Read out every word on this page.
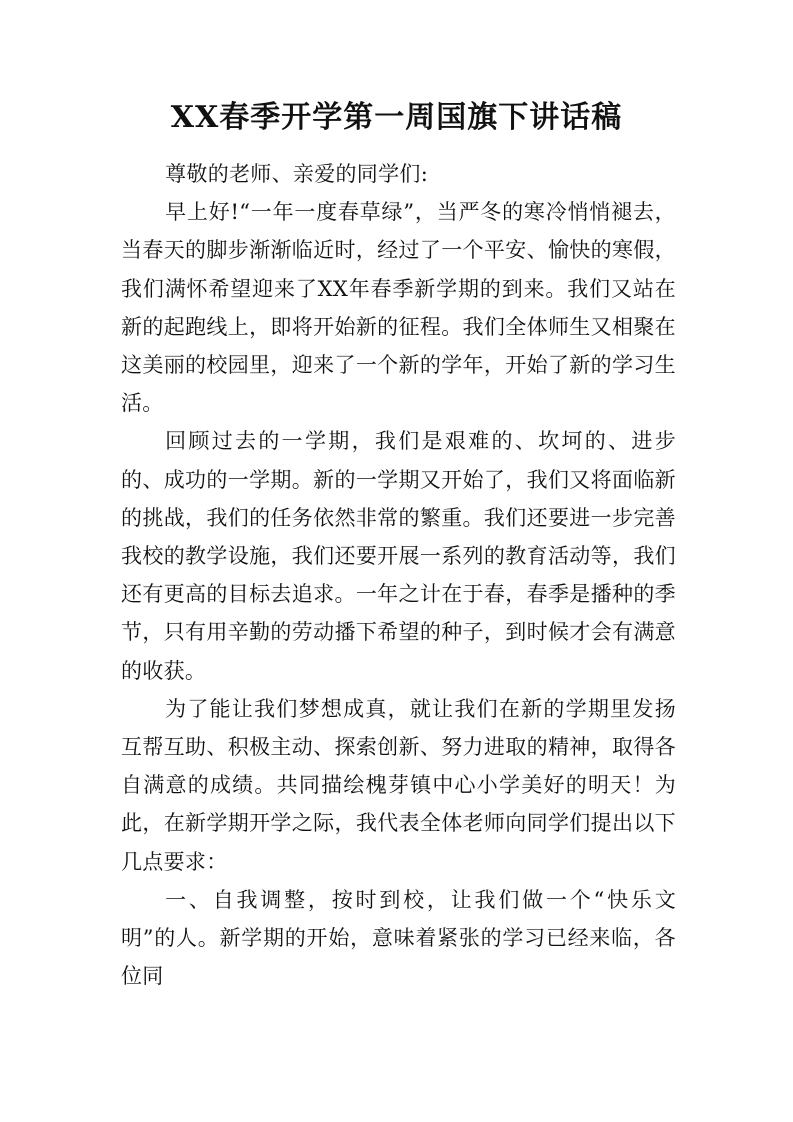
XX春季开学第一周国旗下讲话稿

尊敬的老师、亲爱的同学们:

早上好!“一年一度春草绿”，当严冬的寒冷悄悄褪去，当春天的脚步渐渐临近时，经过了一个平安、愉快的寒假，我们满怀希望迎来了XX年春季新学期的到来。我们又站在新的起跑线上，即将开始新的征程。我们全体师生又相聚在这美丽的校园里，迎来了一个新的学年，开始了新的学习生活。

回顾过去的一学期，我们是艰难的、坎坷的、进步的、成功的一学期。新的一学期又开始了，我们又将面临新的挑战，我们的任务依然非常的繁重。我们还要进一步完善我校的教学设施，我们还要开展一系列的教育活动等，我们还有更高的目标去追求。一年之计在于春，春季是播种的季节，只有用辛勤的劳动播下希望的种子，到时候才会有满意的收获。

为了能让我们梦想成真，就让我们在新的学期里发扬互帮互助、积极主动、探索创新、努力进取的精神，取得各自满意的成绩。共同描绘槐芽镇中心小学美好的明天！为此，在新学期开学之际，我代表全体老师向同学们提出以下几点要求：

一、自我调整，按时到校，让我们做一个“快乐文明”的人。新学期的开始，意味着紧张的学习已经来临，各位同
